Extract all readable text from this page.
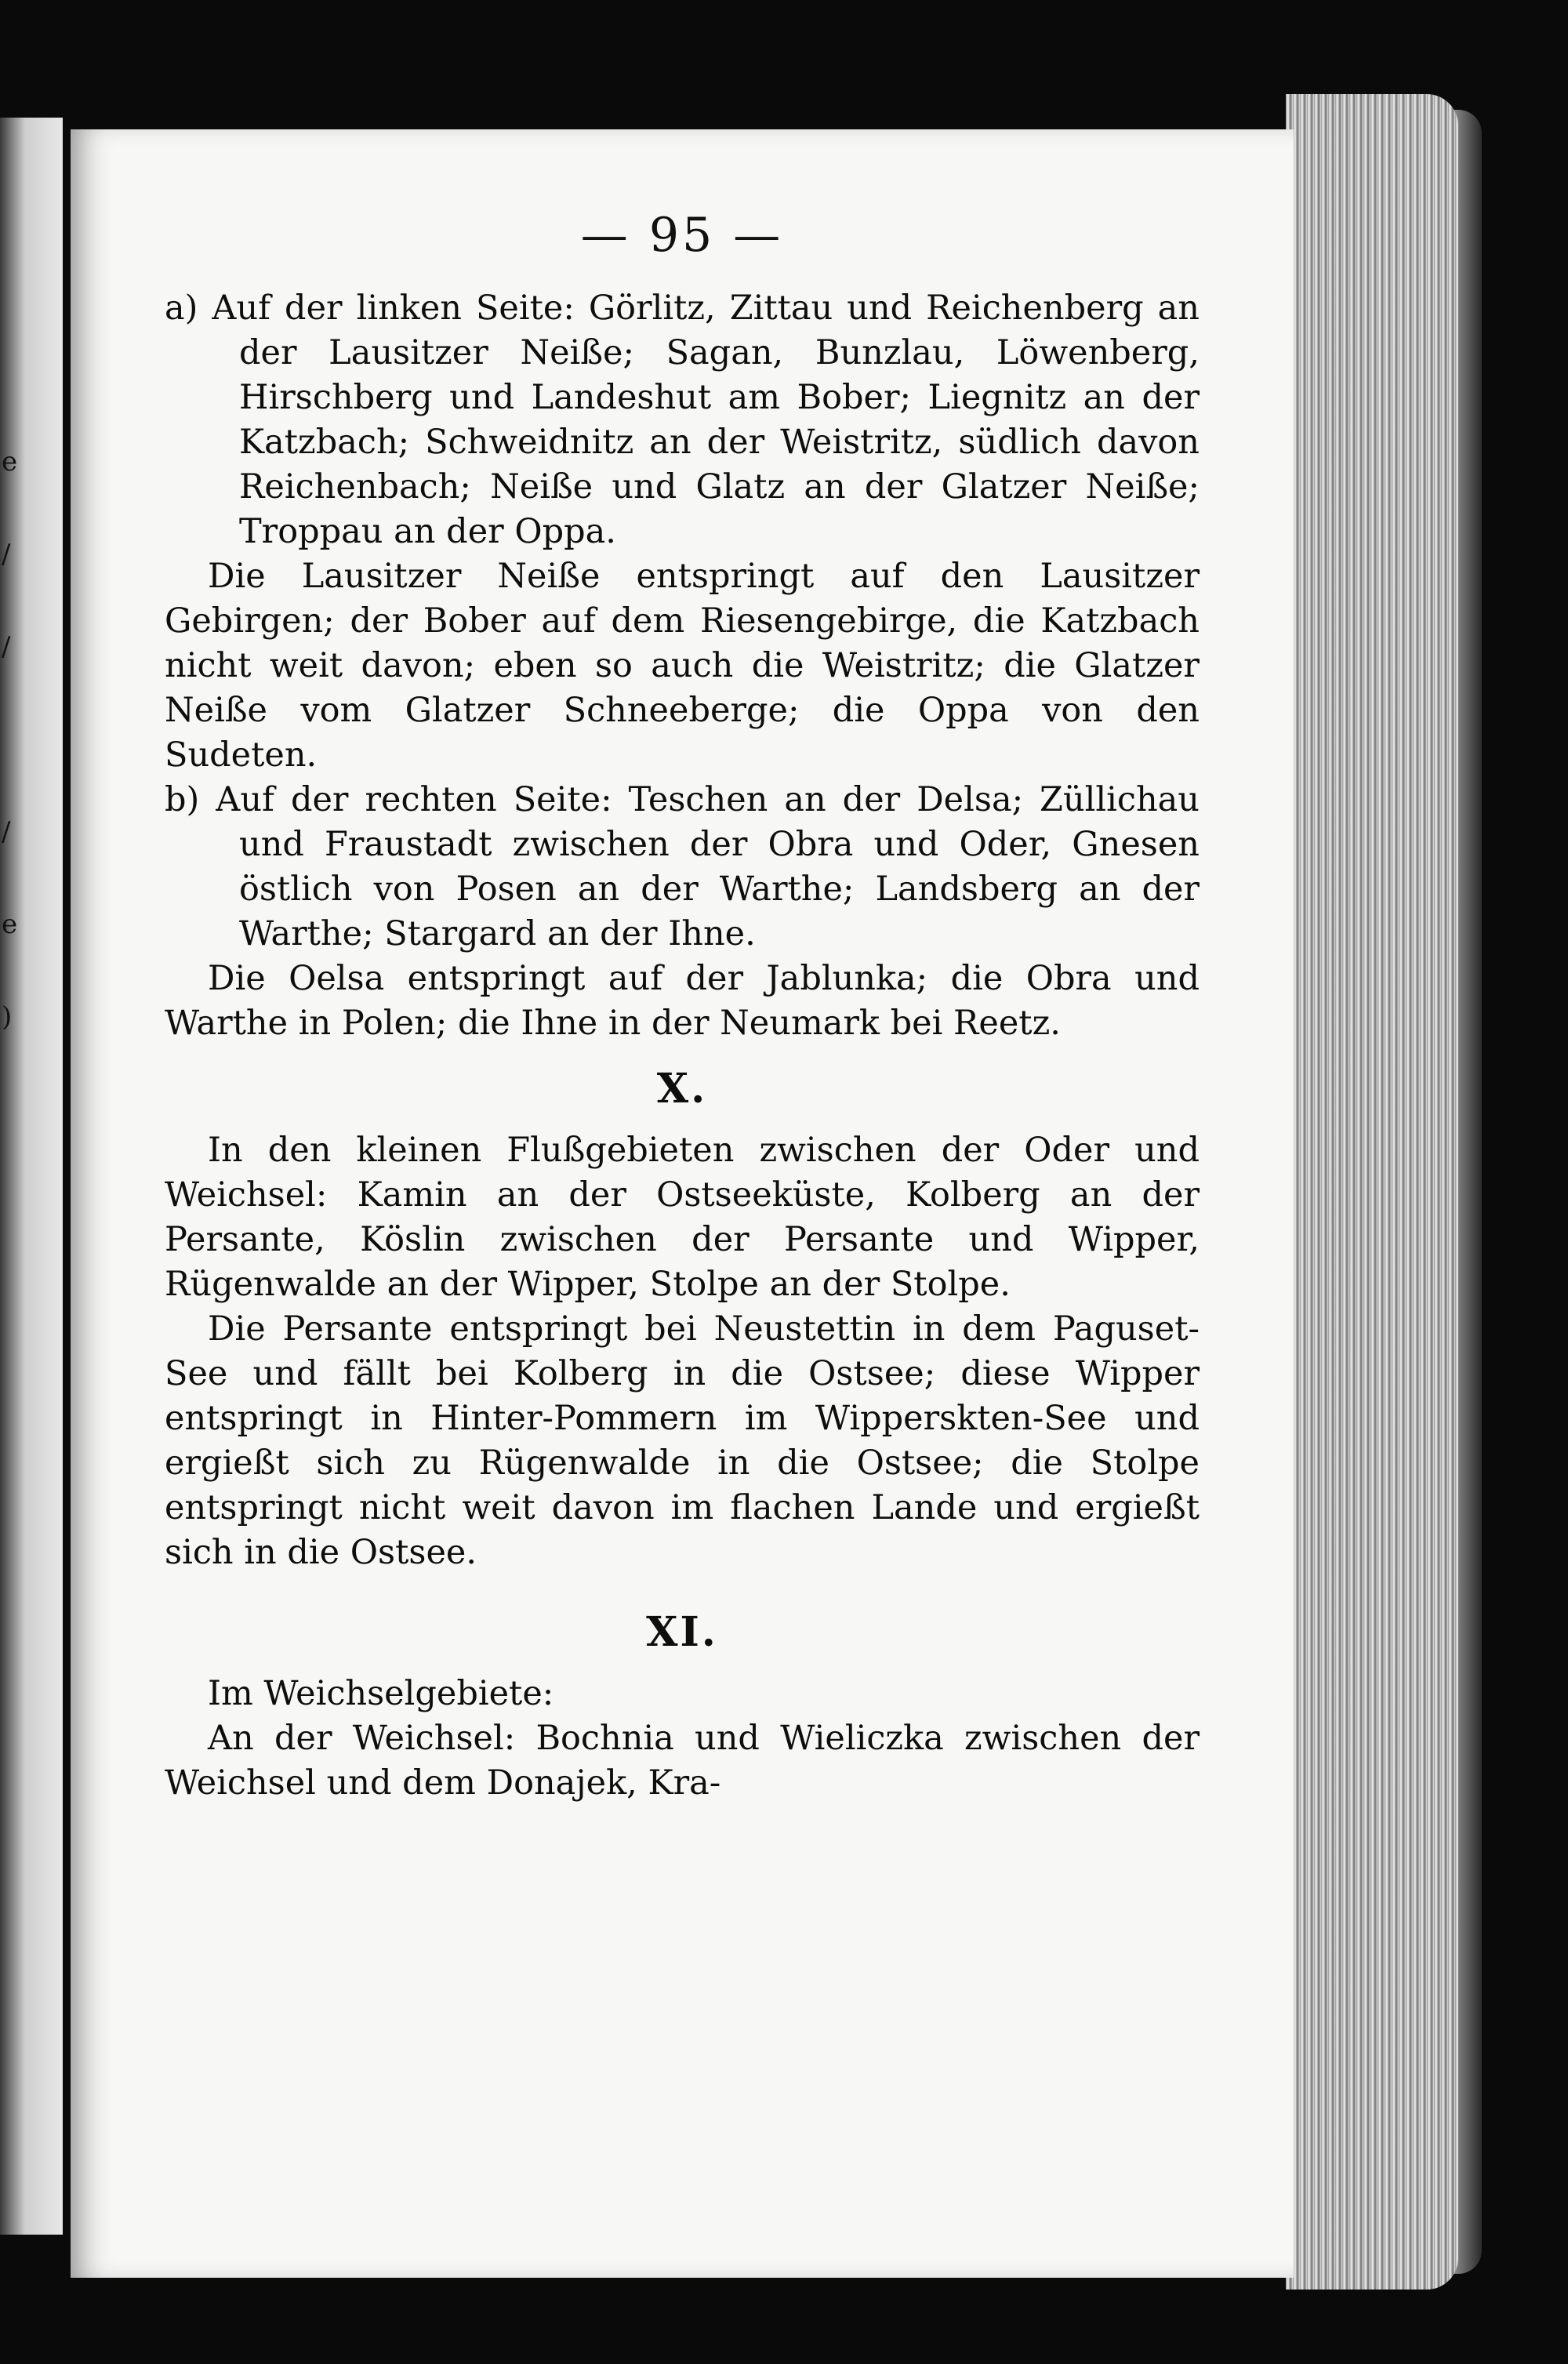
e
/
/

/
e
)
— 95 —

a) Auf der linken Seite: Görlitz, Zittau und Reichenberg an der Lausitzer Neiße; Sagan, Bunzlau, Löwenberg, Hirschberg und Landeshut am Bober; Liegnitz an der Katzbach; Schweidnitz an der Weistritz, südlich davon Reichenbach; Neiße und Glatz an der Glatzer Neiße; Troppau an der Oppa.

Die Lausitzer Neiße entspringt auf den Lausitzer Gebirgen; der Bober auf dem Riesengebirge, die Katzbach nicht weit davon; eben so auch die Weistritz; die Glatzer Neiße vom Glatzer Schneeberge; die Oppa von den Sudeten.

b) Auf der rechten Seite: Teschen an der Delsa; Züllichau und Fraustadt zwischen der Obra und Oder, Gnesen östlich von Posen an der Warthe; Landsberg an der Warthe; Stargard an der Ihne.

Die Oelsa entspringt auf der Jablunka; die Obra und Warthe in Polen; die Ihne in der Neumark bei Reetz.

X.

In den kleinen Flußgebieten zwischen der Oder und Weichsel: Kamin an der Ostseeküste, Kolberg an der Persante, Köslin zwischen der Persante und Wipper, Rügenwalde an der Wipper, Stolpe an der Stolpe.

Die Persante entspringt bei Neustettin in dem Paguset-See und fällt bei Kolberg in die Ostsee; diese Wipper entspringt in Hinter-Pommern im Wipperskten-See und ergießt sich zu Rügenwalde in die Ostsee; die Stolpe entspringt nicht weit davon im flachen Lande und ergießt sich in die Ostsee.

XI.

Im Weichselgebiete:

An der Weichsel: Bochnia und Wieliczka zwischen der Weichsel und dem Donajek, Kra-
